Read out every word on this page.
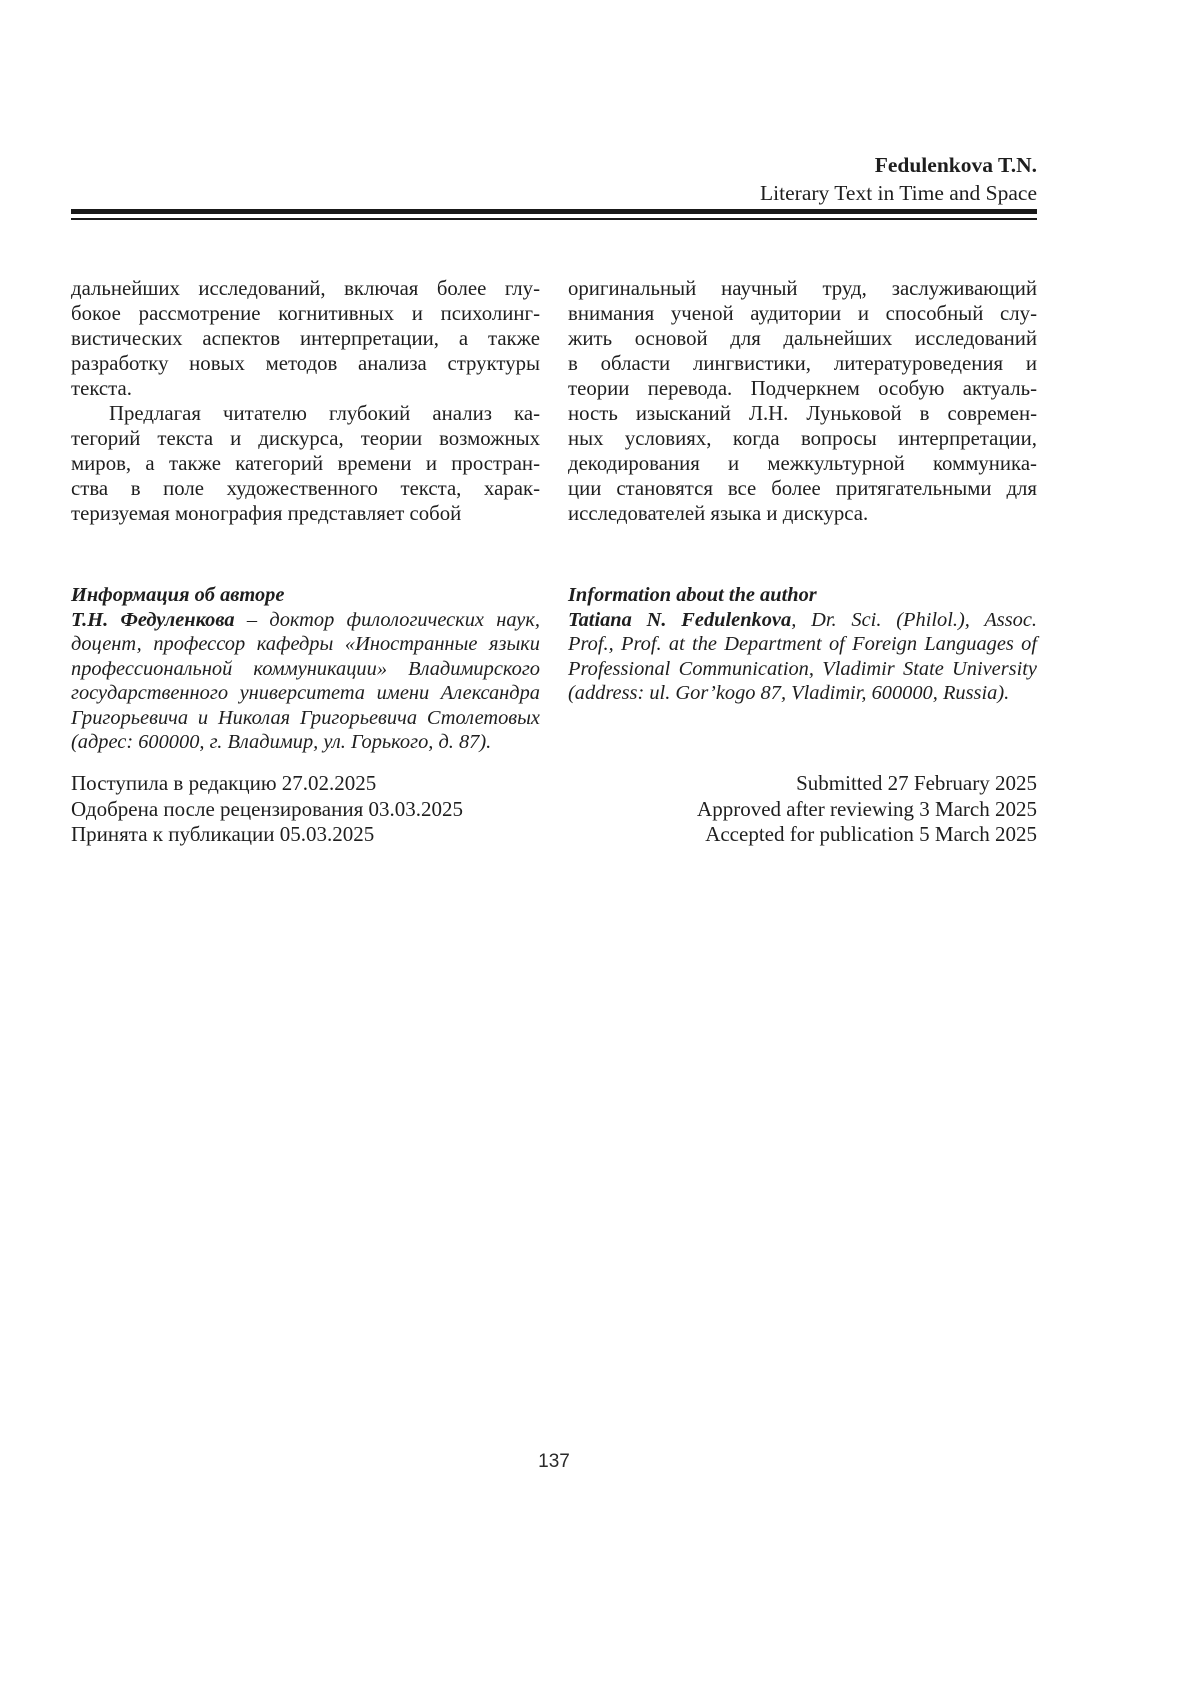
Fedulenkova T.N.
Literary Text in Time and Space
дальнейших исследований, включая более глу-
бокое рассмотрение когнитивных и психолинг-
вистических аспектов интерпретации, а также
разработку новых методов анализа структуры
текста.
Предлагая читателю глубокий анализ ка-
тегорий текста и дискурса, теории возможных
миров, а также категорий времени и простран-
ства в поле художественного текста, харак-
теризуемая монография представляет собой
оригинальный научный труд, заслуживающий
внимания ученой аудитории и способный слу-
жить основой для дальнейших исследований
в области лингвистики, литературоведения и
теории перевода. Подчеркнем особую актуаль-
ность изысканий Л.Н. Луньковой в современ-
ных условиях, когда вопросы интерпретации,
декодирования и межкультурной коммуника-
ции становятся все более притягательными для
исследователей языка и дискурса.
Информация об авторе
Т.Н. Федуленкова – доктор филологических наук,
доцент, профессор кафедры «Иностранные языки
профессиональной коммуникации» Владимирского
государственного университета имени Александра
Григорьевича и Николая Григорьевича Столетовых
(адрес: 600000, г. Владимир, ул. Горького, д. 87).
Information about the author
Tatiana N. Fedulenkova, Dr. Sci. (Philol.), Assoc.
Prof., Prof. at the Department of Foreign Languages of
Professional Communication, Vladimir State University
(address: ul. Gor’kogo 87, Vladimir, 600000, Russia).
Поступила в редакцию 27.02.2025
Одобрена после рецензирования 03.03.2025
Принята к публикации 05.03.2025
Submitted 27 February 2025
Approved after reviewing 3 March 2025
Accepted for publication 5 March 2025
137
